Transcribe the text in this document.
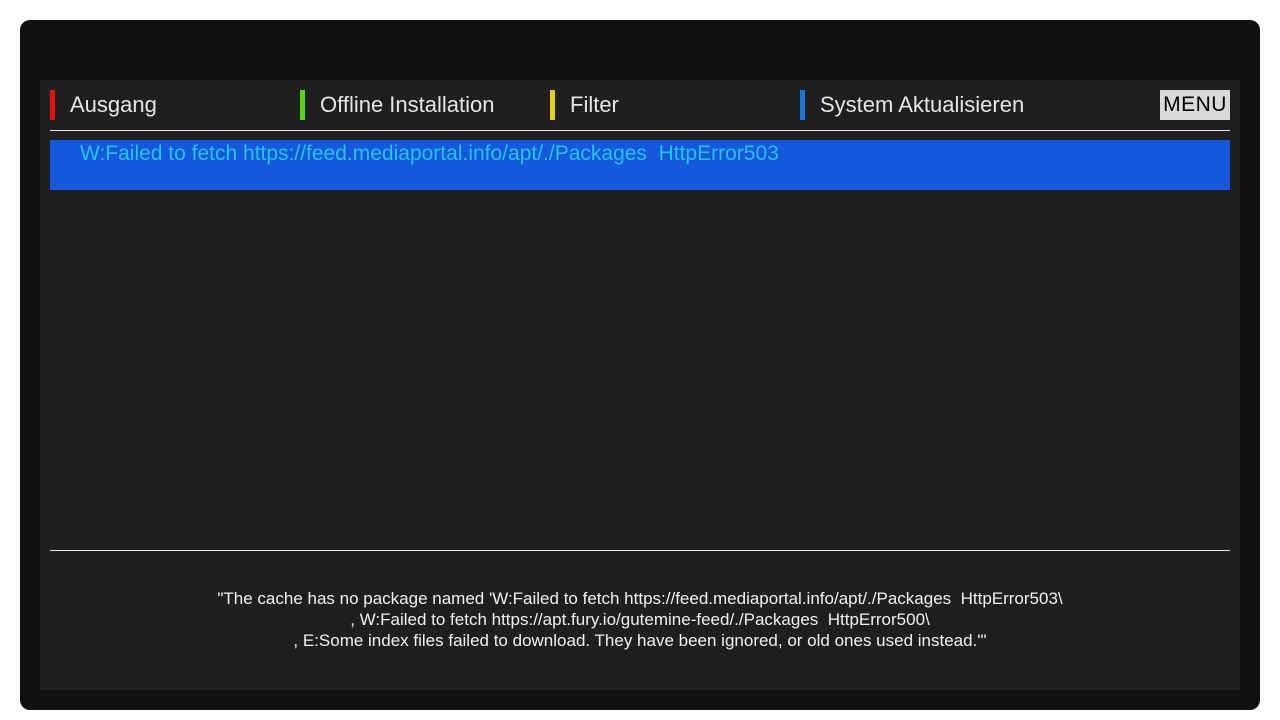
Ausgang	Offline Installation	Filter	System Aktualisieren	MENU
W:Failed to fetch https://feed.mediaportal.info/apt/./Packages  HttpError503
"The cache has no package named 'W:Failed to fetch https://feed.mediaportal.info/apt/./Packages  HttpError503\
, W:Failed to fetch https://apt.fury.io/gutemine-feed/./Packages  HttpError500\
, E:Some index files failed to download. They have been ignored, or old ones used instead.'"
